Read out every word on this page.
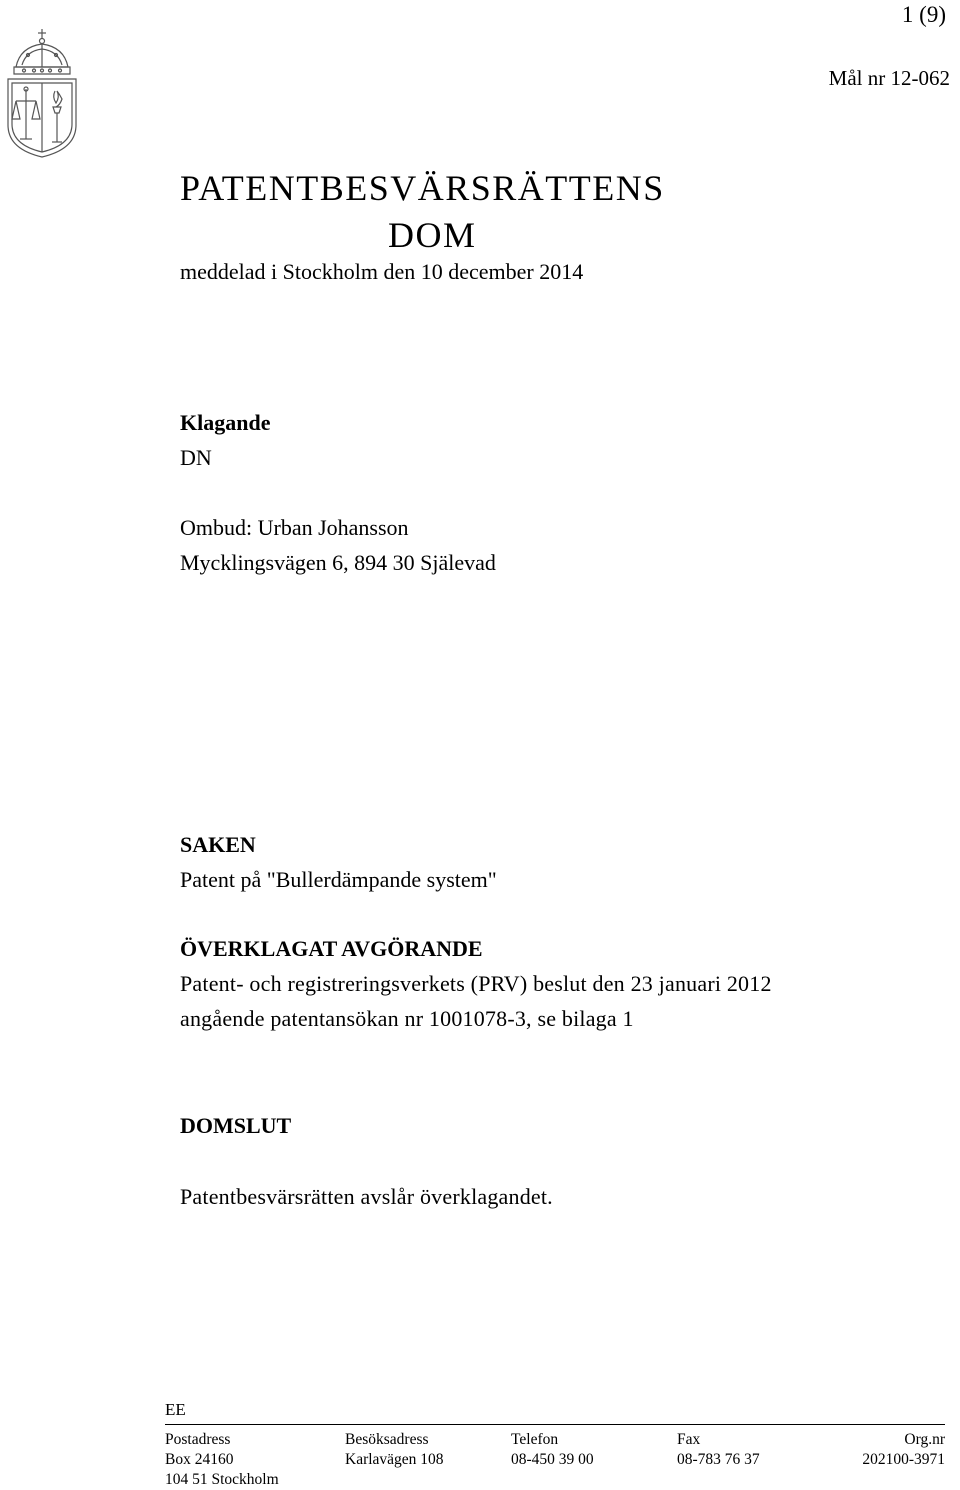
1 (9)
Mål nr 12-062
PATENTBESVÄRSRÄTTENS
DOM
meddelad i Stockholm den 10 december 2014
Klagande
DN
Ombud: Urban Johansson
Mycklingsvägen 6, 894 30 Själevad
SAKEN
Patent på "Bullerdämpande system"
ÖVERKLAGAT AVGÖRANDE
Patent- och registreringsverkets (PRV) beslut den 23 januari 2012
angående patentansökan nr 1001078-3, se bilaga 1
DOMSLUT
Patentbesvärsrätten avslår överklagandet.
EE
Postadress	Besöksadress	Telefon	Fax	Org.nr
Box 24160	Karlavägen 108	08-450 39 00	08-783 76 37	202100-3971
104 51 Stockholm				
